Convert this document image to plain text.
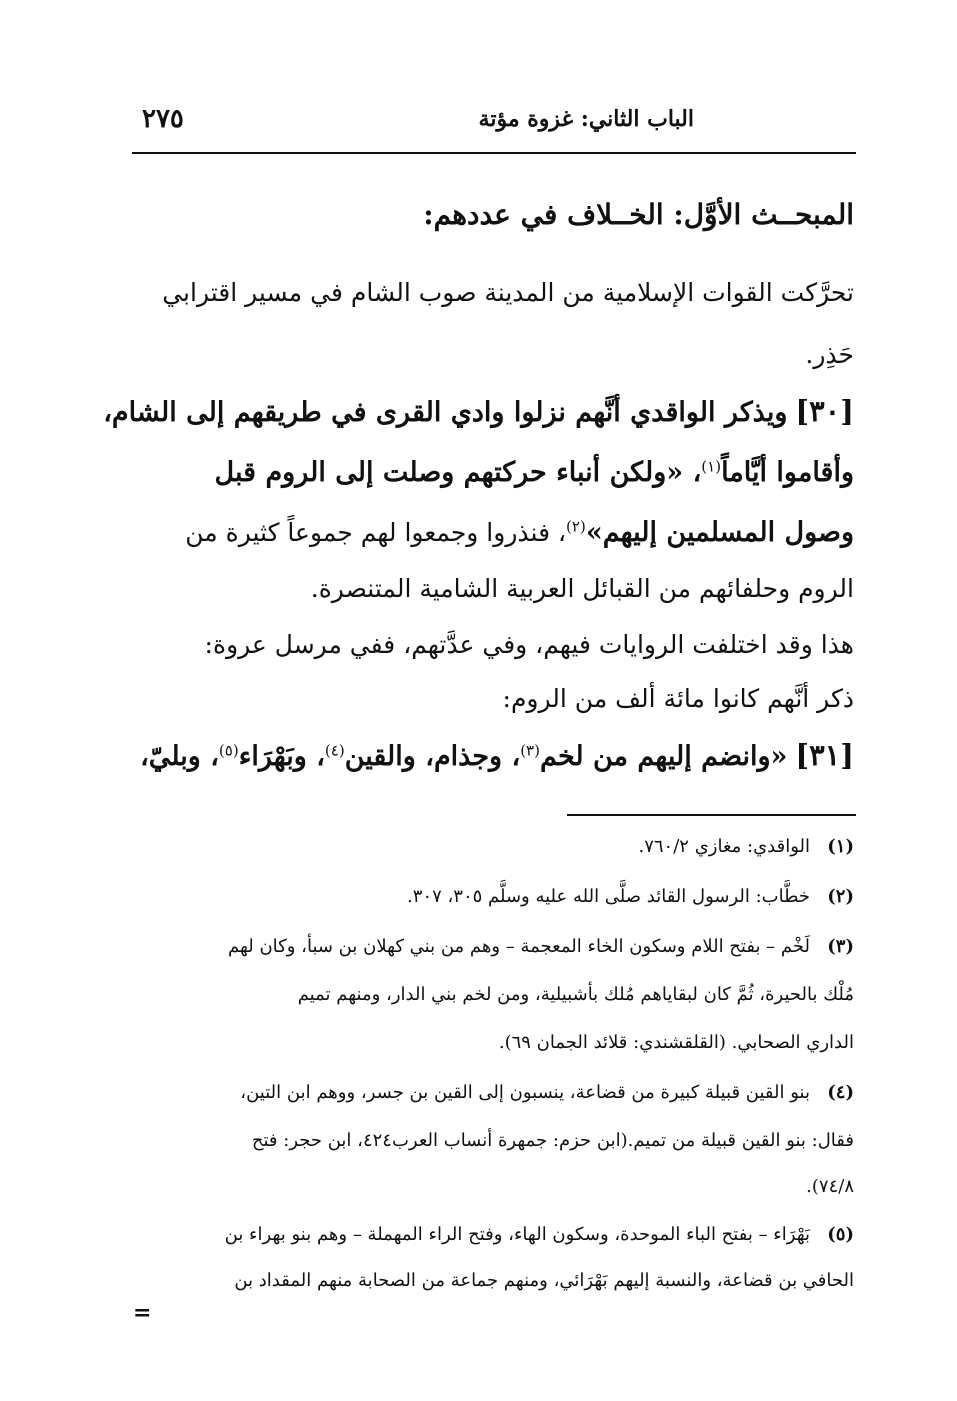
٢٧٥	الباب الثاني: غزوة مؤتة
المبحــث الأوَّل: الخــلاف في عددهم:
تحرَّكت القوات الإسلامية من المدينة صوب الشام في مسير اقترابي
حَذِر.
[٣٠] ويذكر الواقدي أنَّهم نزلوا وادي القرى في طريقهم إلى الشام،
وأقاموا أيَّاماً$^{(١)}$، ‏«‏ولكن أنباء حركتهم وصلت إلى الروم قبل
وصول المسلمين إليهم»$^{(٢)}$، فنذروا وجمعوا لهم جموعاً كثيرة من
الروم وحلفائهم من القبائل العربية الشامية المتنصرة.
هذا وقد اختلفت الروايات فيهم، وفي عدَّتهم، ففي مرسل عروة:
ذكر أنَّهم كانوا مائة ألف من الروم:
[٣١] ‏«‏وانضم إليهم من لخم$^{(٣)}$، وجذام، والقين$^{(٤)}$، وبَهْرَاء$^{(٥)}$، وبليّ،
(١)الواقدي: مغازي ٧٦٠/٢.
(٢)خطَّاب: الرسول القائد صلَّى الله عليه وسلَّم ٣٠٥، ٣٠٧.
(٣)لَخْم – بفتح اللام وسكون الخاء المعجمة – وهم من بني كهلان بن سبأ، وكان لهم
مُلْك بالحيرة، ثُمَّ كان لبقاياهم مُلك بأشبيلية، ومن لخم بني الدار، ومنهم تميم
الداري الصحابي. (القلقشندي: قلائد الجمان ٦٩).
(٤)بنو القين قبيلة كبيرة من قضاعة، ينسبون إلى القين بن جسر، ووهم ابن التين،
فقال: بنو القين قبيلة من تميم.(ابن حزم: جمهرة أنساب العرب٤٢٤، ابن حجر: فتح
٧٤/٨).
(٥)بَهْرَاء – بفتح الباء الموحدة، وسكون الهاء، وفتح الراء المهملة – وهم بنو بهراء بن
الحافي بن قضاعة، والنسبة إليهم بَهْرَائي، ومنهم جماعة من الصحابة منهم المقداد بن
=
